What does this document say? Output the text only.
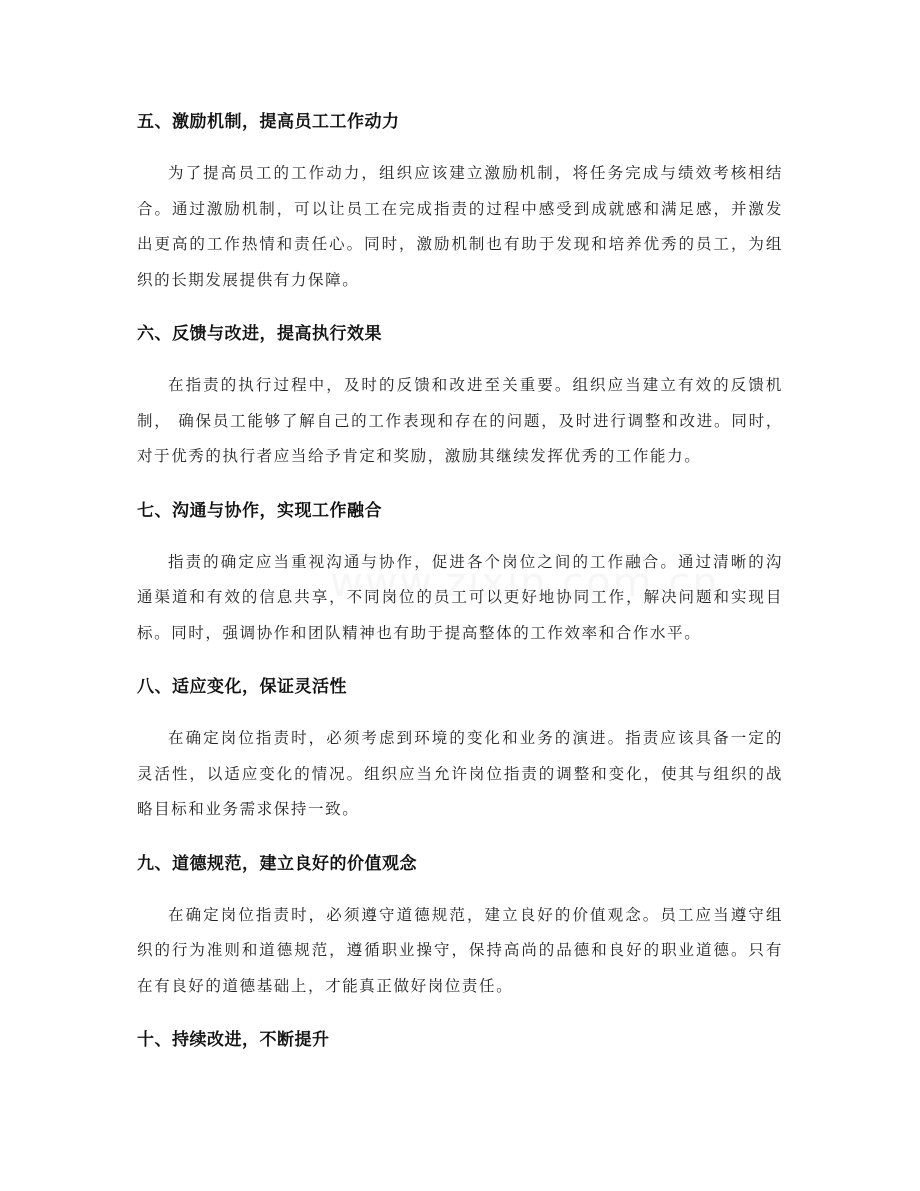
五、激励机制，提高员工工作动力

为了提高员工的工作动力，组织应该建立激励机制，将任务完成与绩效考核相结合。通过激励机制，可以让员工在完成指责的过程中感受到成就感和满足感，并激发出更高的工作热情和责任心。同时，激励机制也有助于发现和培养优秀的员工，为组织的长期发展提供有力保障。

六、反馈与改进，提高执行效果

在指责的执行过程中，及时的反馈和改进至关重要。组织应当建立有效的反馈机制， 确保员工能够了解自己的工作表现和存在的问题，及时进行调整和改进。同时，对于优秀的执行者应当给予肯定和奖励，激励其继续发挥优秀的工作能力。

七、沟通与协作，实现工作融合

指责的确定应当重视沟通与协作，促进各个岗位之间的工作融合。通过清晰的沟通渠道和有效的信息共享，不同岗位的员工可以更好地协同工作，解决问题和实现目标。同时，强调协作和团队精神也有助于提高整体的工作效率和合作水平。

八、适应变化，保证灵活性

在确定岗位指责时，必须考虑到环境的变化和业务的演进。指责应该具备一定的灵活性，以适应变化的情况。组织应当允许岗位指责的调整和变化，使其与组织的战略目标和业务需求保持一致。

九、道德规范，建立良好的价值观念

在确定岗位指责时，必须遵守道德规范，建立良好的价值观念。员工应当遵守组织的行为准则和道德规范，遵循职业操守，保持高尚的品德和良好的职业道德。只有在有良好的道德基础上，才能真正做好岗位责任。

十、持续改进，不断提升
